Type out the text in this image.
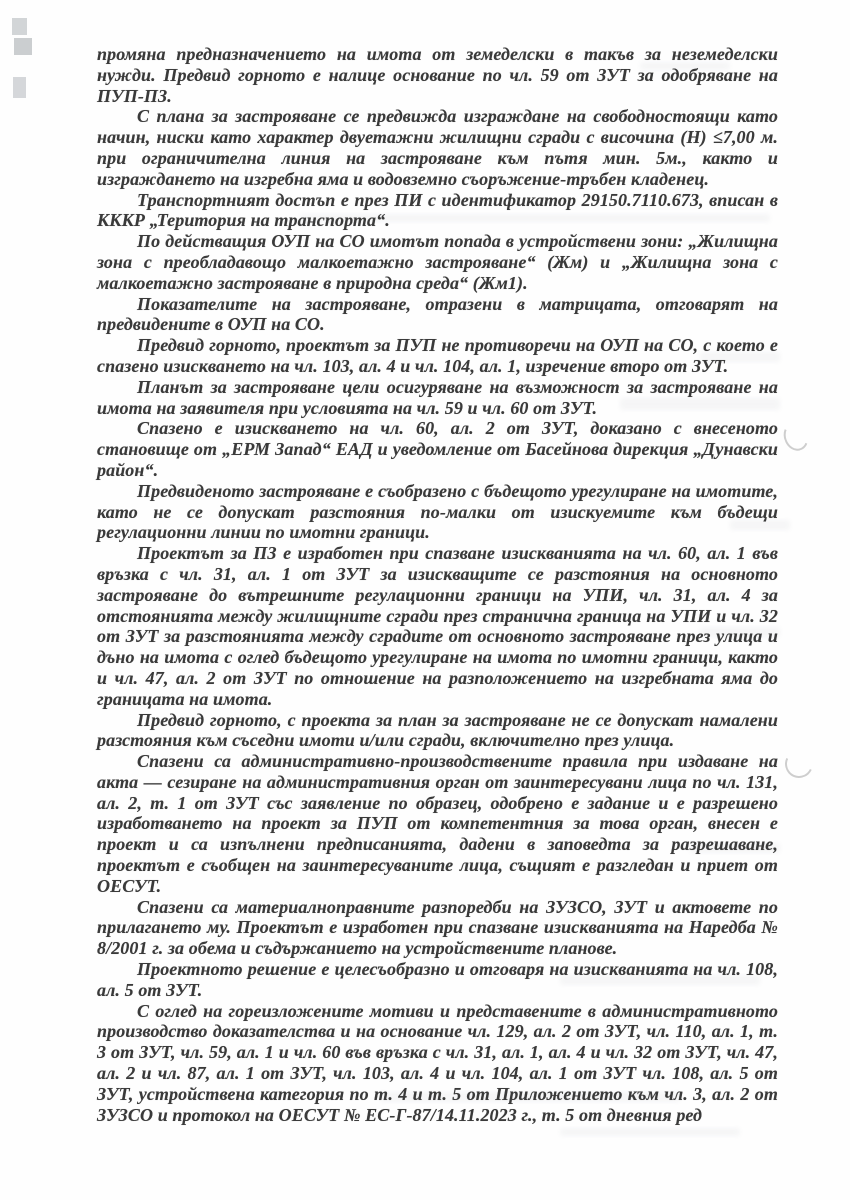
промяна предназначението на имота от земеделски в такъв за неземеделски нужди. Предвид горното е налице основание по чл. 59 от ЗУТ за одобряване на ПУП-ПЗ.

С плана за застрояване се предвижда изграждане на свободностоящи като начин, ниски като характер двуетажни жилищни сгради с височина (Н) ≤7,00 м. при ограничителна линия на застрояване към пътя мин. 5м., както и изграждането на изгребна яма и водовземно съоръжение-тръбен кладенец.

Транспортният достъп е през ПИ с идентификатор 29150.7110.673, вписан в КККР „Територия на транспорта“.

По действащия ОУП на СО имотът попада в устройствени зони: „Жилищна зона с преобладавощо малкоетажно застрояване“ (Жм) и „Жилищна зона с малкоетажно застрояване в природна среда“ (Жм1).

Показателите на застрояване, отразени в матрицата, отговарят на предвидените в ОУП на СО.

Предвид горното, проектът за ПУП не противоречи на ОУП на СО, с което е спазено изискването на чл. 103, ал. 4 и чл. 104, ал. 1, изречение второ от ЗУТ.

Планът за застрояване цели осигуряване на възможност за застрояване на имота на заявителя при условията на чл. 59 и чл. 60 от ЗУТ.

Спазено е изискването на чл. 60, ал. 2 от ЗУТ, доказано с внесеното становище от „ЕРМ Запад“ ЕАД и уведомление от Басейнова дирекция „Дунавски район“.

Предвиденото застрояване е съобразено с бъдещото урегулиране на имотите, като не се допускат разстояния по-малки от изискуемите към бъдещи регулационни линии по имотни граници.

Проектът за ПЗ е изработен при спазване изискванията на чл. 60, ал. 1 във връзка с чл. 31, ал. 1 от ЗУТ за изискващите се разстояния на основното застрояване до вътрешните регулационни граници на УПИ, чл. 31, ал. 4 за отстоянията между жилищните сгради през странична граница на УПИ и чл. 32 от ЗУТ за разстоянията между сградите от основното застрояване през улица и дъно на имота с оглед бъдещото урегулиране на имота по имотни граници, както и чл. 47, ал. 2 от ЗУТ по отношение на разположението на изгребната яма до границата на имота.

Предвид горното, с проекта за план за застрояване не се допускат намалени разстояния към съседни имоти и/или сгради, включително през улица.

Спазени са административно-производствените правила при издаване на акта — сезиране на административния орган от заинтересувани лица по чл. 131, ал. 2, т. 1 от ЗУТ със заявление по образец, одобрено е задание и е разрешено изработването на проект за ПУП от компетентния за това орган, внесен е проект и са изпълнени предписанията, дадени в заповедта за разрешаване, проектът е съобщен на заинтересуваните лица, същият е разгледан и приет от ОЕСУТ.

Спазени са материалноправните разпоредби на ЗУЗСО, ЗУТ и актовете по прилагането му. Проектът е изработен при спазване изискванията на Наредба № 8/2001 г. за обема и съдържанието на устройствените планове.

Проектното решение е целесъобразно и отговаря на изискванията на чл. 108, ал. 5 от ЗУТ.

С оглед на гореизложените мотиви и представените в административното производство доказателства и на основание чл. 129, ал. 2 от ЗУТ, чл. 110, ал. 1, т. 3 от ЗУТ, чл. 59, ал. 1 и чл. 60 във връзка с чл. 31, ал. 1, ал. 4 и чл. 32 от ЗУТ, чл. 47, ал. 2 и чл. 87, ал. 1 от ЗУТ, чл. 103, ал. 4 и чл. 104, ал. 1 от ЗУТ чл. 108, ал. 5 от ЗУТ, устройствена категория по т. 4 и т. 5 от Приложението към чл. 3, ал. 2 от ЗУЗСО и протокол на ОЕСУТ № ЕС-Г-87/14.11.2023 г., т. 5 от дневния ред
